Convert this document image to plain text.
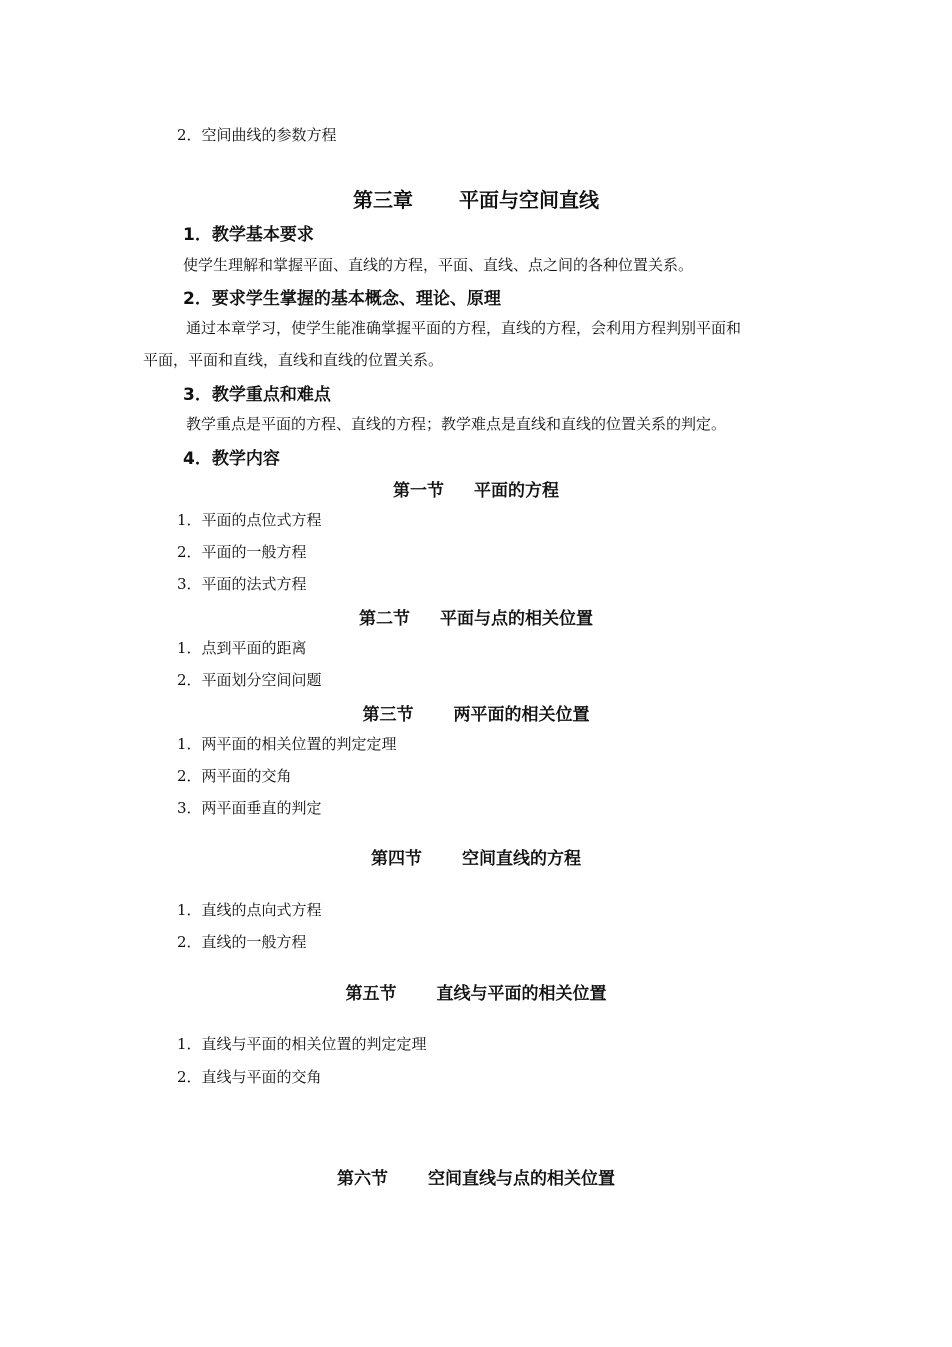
2．空间曲线的参数方程
第三章 平面与空间直线
1．教学基本要求
使学生理解和掌握平面、直线的方程，平面、直线、点之间的各种位置关系。
2．要求学生掌握的基本概念、理论、原理
通过本章学习，使学生能准确掌握平面的方程，直线的方程，会利用方程判别平面和
平面，平面和直线，直线和直线的位置关系。
3．教学重点和难点
教学重点是平面的方程、直线的方程；教学难点是直线和直线的位置关系的判定。
4．教学内容
第一节 平面的方程
1．平面的点位式方程
2．平面的一般方程
3．平面的法式方程
第二节 平面与点的相关位置
1．点到平面的距离
2．平面划分空间问题
第三节 两平面的相关位置
1．两平面的相关位置的判定定理
2．两平面的交角
3．两平面垂直的判定
第四节 空间直线的方程
1．直线的点向式方程
2．直线的一般方程
第五节 直线与平面的相关位置
1．直线与平面的相关位置的判定定理
2．直线与平面的交角
第六节 空间直线与点的相关位置
